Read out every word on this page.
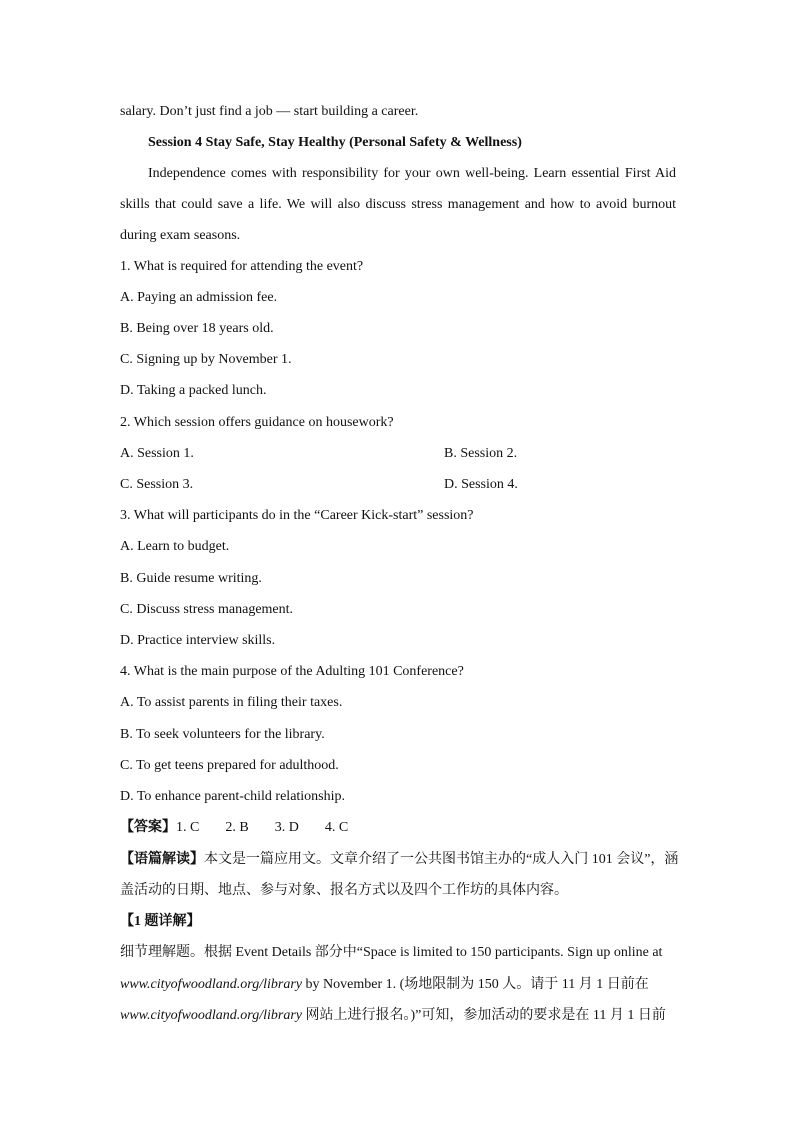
salary. Don’t just find a job — start building a career.
Session 4 Stay Safe, Stay Healthy (Personal Safety & Wellness)
Independence comes with responsibility for your own well-being. Learn essential First Aid
skills that could save a life. We will also discuss stress management and how to avoid burnout
during exam seasons.
1. What is required for attending the event?
A. Paying an admission fee.
B. Being over 18 years old.
C. Signing up by November 1.
D. Taking a packed lunch.
2. Which session offers guidance on housework?
A. Session 1.	B. Session 2.
C. Session 3.	D. Session 4.
3. What will participants do in the “Career Kick-start” session?
A. Learn to budget.
B. Guide resume writing.
C. Discuss stress management.
D. Practice interview skills.
4. What is the main purpose of the Adulting 101 Conference?
A. To assist parents in filing their taxes.
B. To seek volunteers for the library.
C. To get teens prepared for adulthood.
D. To enhance parent-child relationship.
【答案】1. C 2. B 3. D 4. C
【语篇解读】本文是一篇应用文。文章介绍了一公共图书馆主办的“成人入门 101 会议”，涵
盖活动的日期、地点、参与对象、报名方式以及四个工作坊的具体内容。
【1 题详解】
细节理解题。根据 Event Details 部分中“Space is limited to 150 participants. Sign up online at
www.cityofwoodland.org/library by November 1. (场地限制为 150 人。请于 11 月 1 日前在
www.cityofwoodland.org/library 网站上进行报名。)”可知，参加活动的要求是在 11 月 1 日前
